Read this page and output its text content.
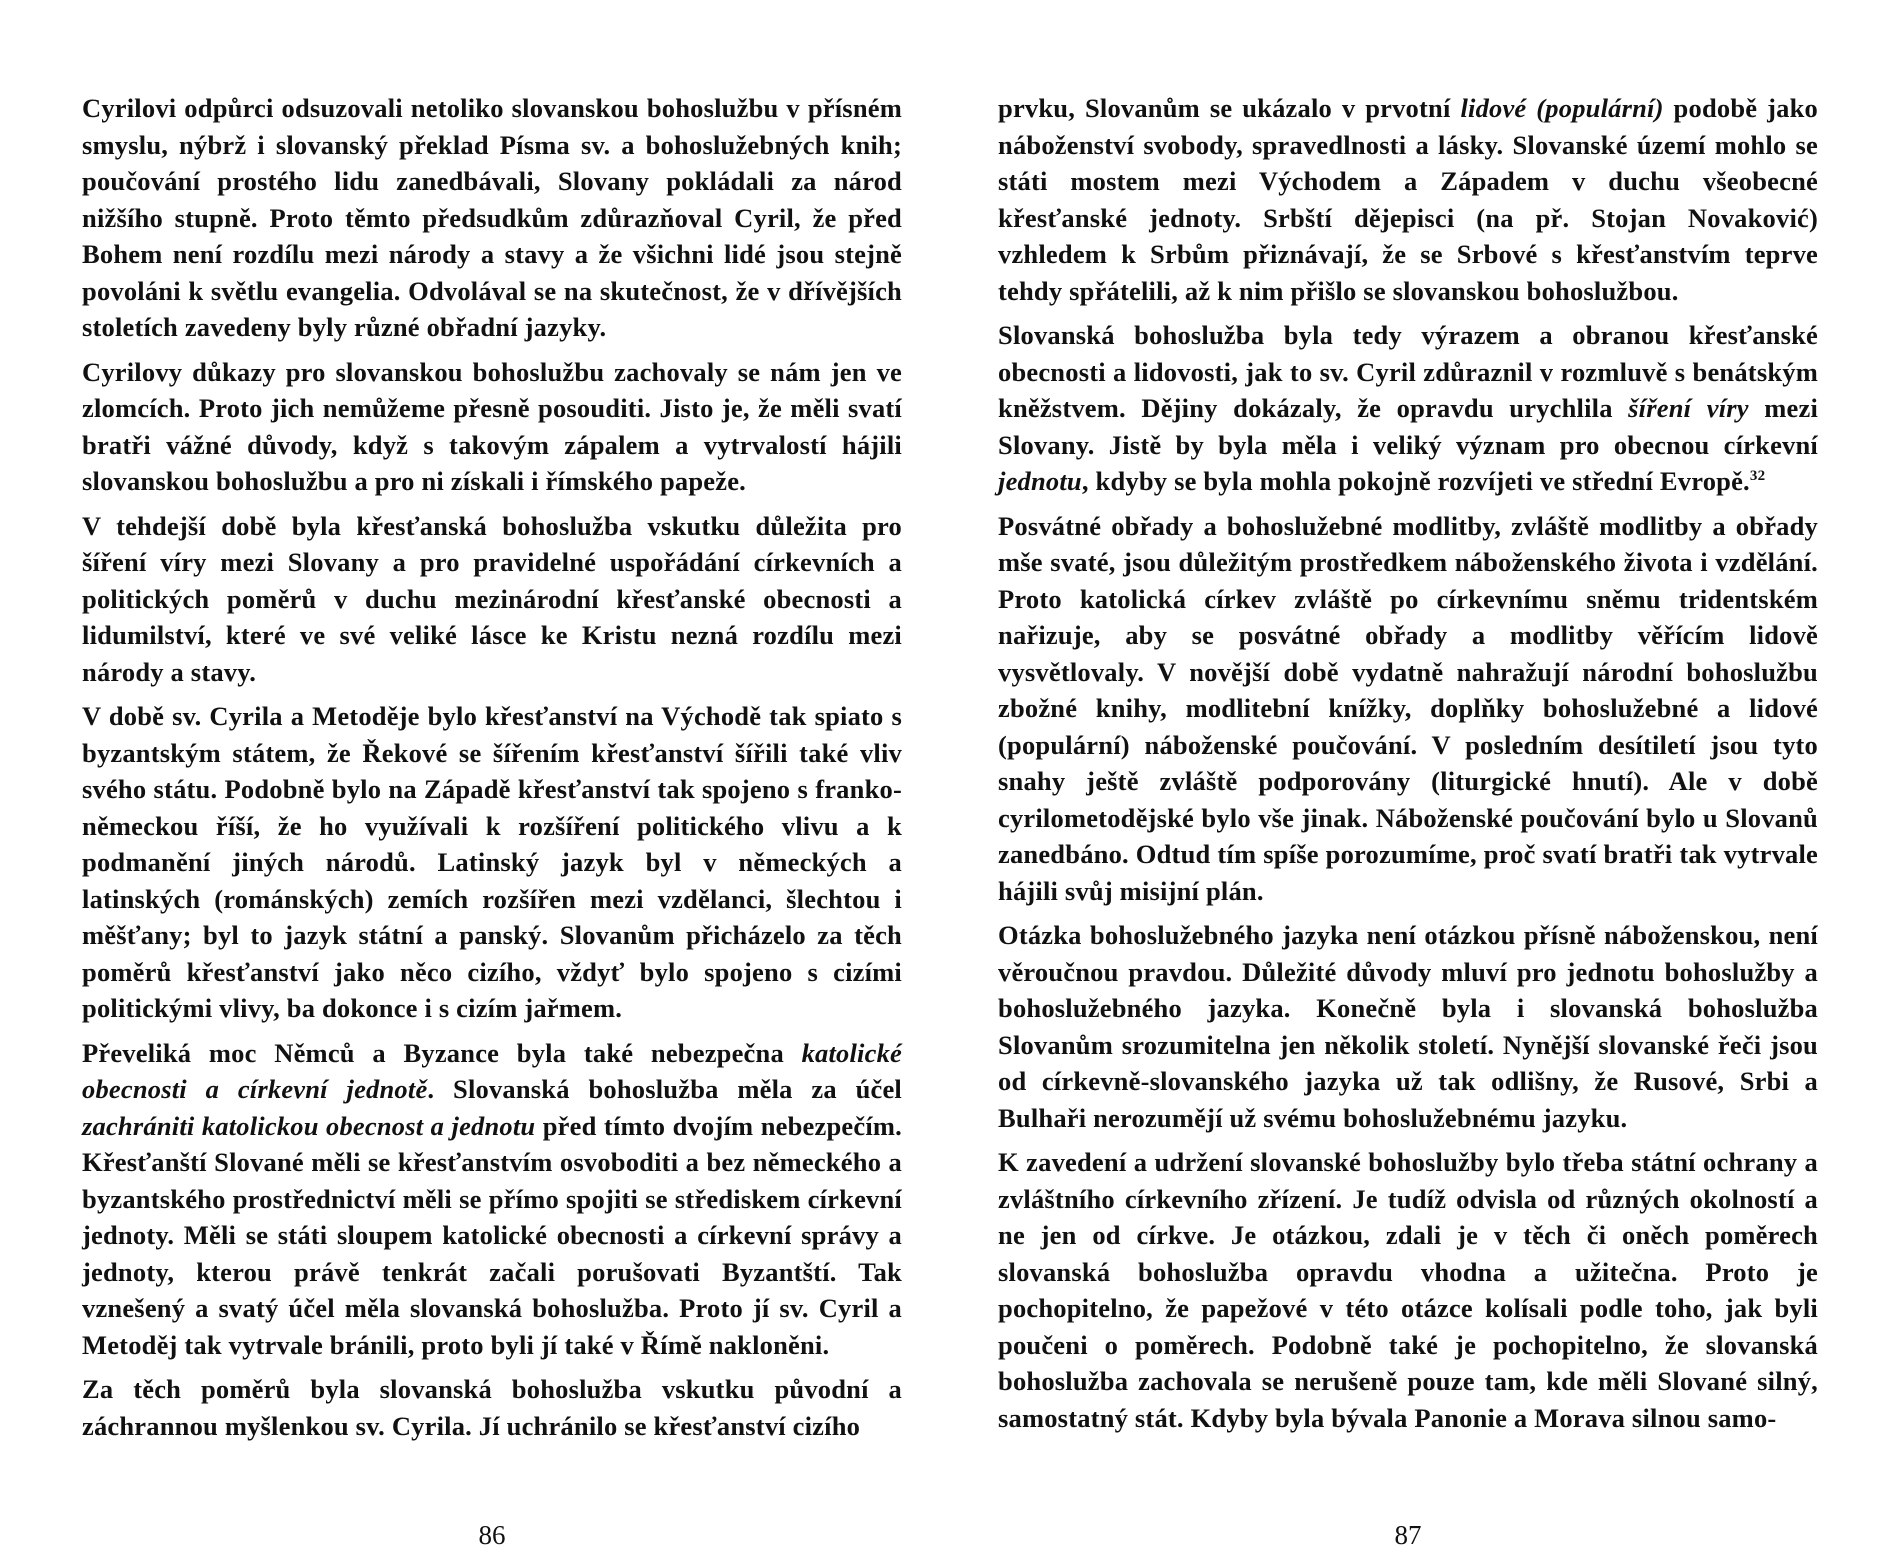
Cyrilovi odpůrci odsuzovali netoliko slovanskou bohoslužbu v přísném smyslu, nýbrž i slovanský překlad Písma sv. a bohoslužebných knih; poučování prostého lidu zanedbávali, Slovany pokládali za národ nižšího stupně. Proto těmto předsudkům zdůrazňoval Cyril, že před Bohem není rozdílu mezi národy a stavy a že všichni lidé jsou stejně povoláni k světlu evangelia. Odvolával se na skutečnost, že v dřívějších stoletích zavedeny byly různé obřadní jazyky.

Cyrilovy důkazy pro slovanskou bohoslužbu zachovaly se nám jen ve zlomcích. Proto jich nemůžeme přesně posouditi. Jisto je, že měli svatí bratři vážné důvody, když s takovým zápalem a vytrvalostí hájili slovanskou bohoslužbu a pro ni získali i římského papeže.

V tehdejší době byla křesťanská bohoslužba vskutku důležita pro šíření víry mezi Slovany a pro pravidelné uspořádání církevních a politických poměrů v duchu mezinárodní křesťanské obecnosti a lidumilství, které ve své veliké lásce ke Kristu nezná rozdílu mezi národy a stavy.

V době sv. Cyrila a Metoděje bylo křesťanství na Východě tak spiato s byzantským státem, že Řekové se šířením křesťanství šířili také vliv svého státu. Podobně bylo na Západě křesťanství tak spojeno s franko-německou říší, že ho využívali k rozšíření politického vlivu a k podmanění jiných národů. Latinský jazyk byl v německých a latinských (románských) zemích rozšířen mezi vzdělanci, šlechtou i měšťany; byl to jazyk státní a panský. Slovanům přicházelo za těch poměrů křesťanství jako něco cizího, vždyť bylo spojeno s cizími politickými vlivy, ba dokonce i s cizím jařmem.

Převeliká moc Němců a Byzance byla také nebezpečna katolické obecnosti a církevní jednotě. Slovanská bohoslužba měla za účel zachrániti katolickou obecnost a jednotu před tímto dvojím nebezpečím. Křesťanští Slované měli se křesťanstvím osvoboditi a bez německého a byzantského prostřednictví měli se přímo spojiti se střediskem církevní jednoty. Měli se státi sloupem katolické obecnosti a církevní správy a jednoty, kterou právě tenkrát začali porušovati Byzantští. Tak vznešený a svatý účel měla slovanská bohoslužba. Proto jí sv. Cyril a Metoděj tak vytrvale bránili, proto byli jí také v Římě nakloněni.

Za těch poměrů byla slovanská bohoslužba vskutku původní a záchrannou myšlenkou sv. Cyrila. Jí uchránilo se křesťanství cizího

86

prvku, Slovanům se ukázalo v prvotní lidové (populární) podobě jako náboženství svobody, spravedlnosti a lásky. Slovanské území mohlo se státi mostem mezi Východem a Západem v duchu všeobecné křesťanské jednoty. Srbští dějepisci (na př. Stojan Novaković) vzhledem k Srbům přiznávají, že se Srbové s křesťanstvím teprve tehdy spřátelili, až k nim přišlo se slovanskou bohoslužbou.

Slovanská bohoslužba byla tedy výrazem a obranou křesťanské obecnosti a lidovosti, jak to sv. Cyril zdůraznil v rozmluvě s benátským kněžstvem. Dějiny dokázaly, že opravdu urychlila šíření víry mezi Slovany. Jistě by byla měla i veliký význam pro obecnou církevní jednotu, kdyby se byla mohla pokojně rozvíjeti ve střední Evropě.$^{32}$

Posvátné obřady a bohoslužebné modlitby, zvláště modlitby a obřady mše svaté, jsou důležitým prostředkem náboženského života i vzdělání. Proto katolická církev zvláště po církevnímu sněmu tridentském nařizuje, aby se posvátné obřady a modlitby věřícím lidově vysvětlovaly. V novější době vydatně nahražují národní bohoslužbu zbožné knihy, modlitební knížky, doplňky bohoslužebné a lidové (populární) náboženské poučování. V posledním desítiletí jsou tyto snahy ještě zvláště podporovány (liturgické hnutí). Ale v době cyrilometodějské bylo vše jinak. Náboženské poučování bylo u Slovanů zanedbáno. Odtud tím spíše porozumíme, proč svatí bratři tak vytrvale hájili svůj misijní plán.

Otázka bohoslužebného jazyka není otázkou přísně náboženskou, není věroučnou pravdou. Důležité důvody mluví pro jednotu bohoslužby a bohoslužebného jazyka. Konečně byla i slovanská bohoslužba Slovanům srozumitelna jen několik století. Nynější slovanské řeči jsou od církevně-slovanského jazyka už tak odlišny, že Rusové, Srbi a Bulhaři nerozumějí už svému bohoslužebnému jazyku.

K zavedení a udržení slovanské bohoslužby bylo třeba státní ochrany a zvláštního církevního zřízení. Je tudíž odvisla od různých okolností a ne jen od církve. Je otázkou, zdali je v těch či oněch poměrech slovanská bohoslužba opravdu vhodna a užitečna. Proto je pochopitelno, že papežové v této otázce kolísali podle toho, jak byli poučeni o poměrech. Podobně také je pochopitelno, že slovanská bohoslužba zachovala se nerušeně pouze tam, kde měli Slované silný, samostatný stát. Kdyby byla bývala Panonie a Morava silnou samo-

87
